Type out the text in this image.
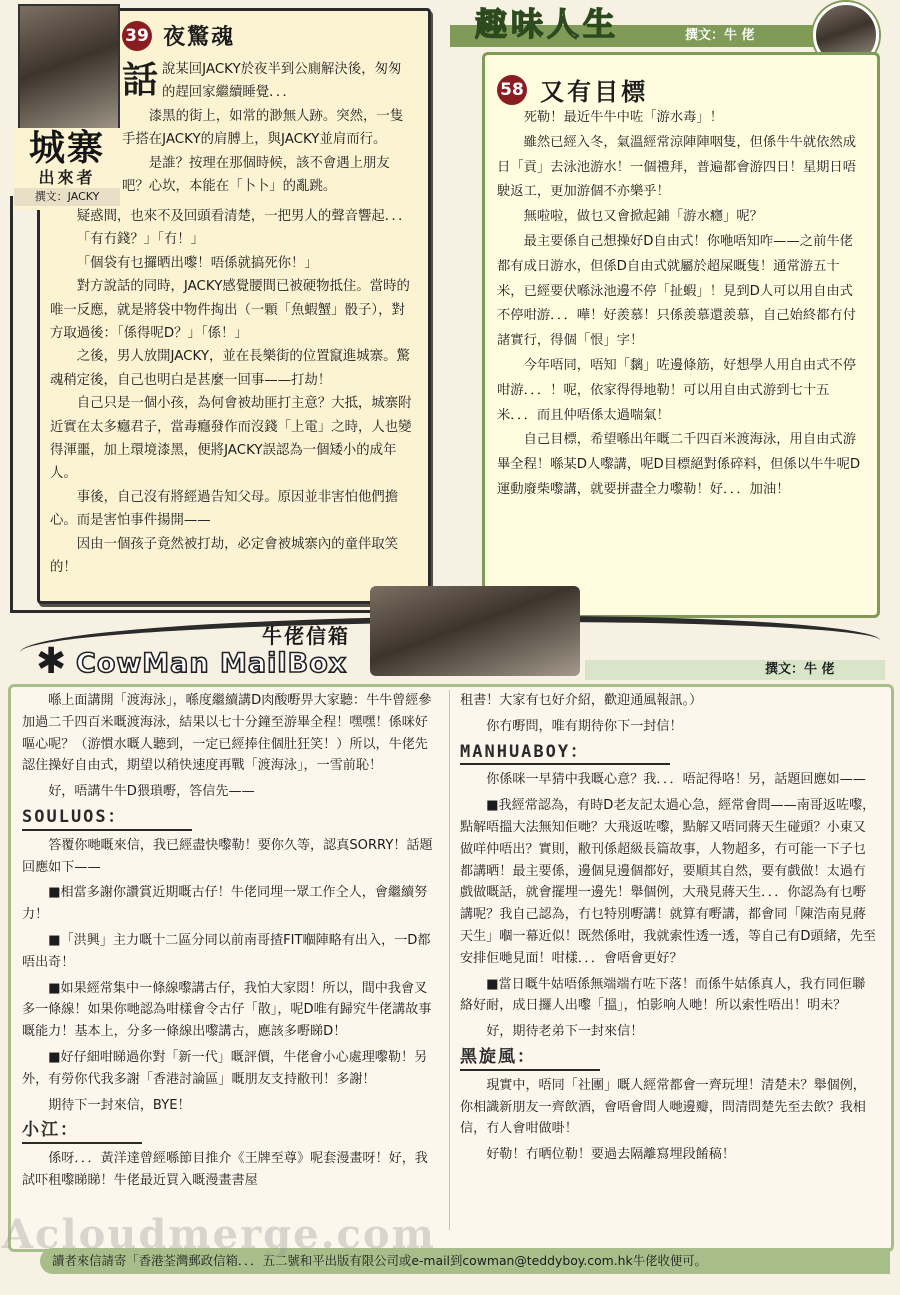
城寨
出來者
撰文：JACKY
39 夜驚魂

話 說某回JACKY於夜半到公廁解決後，匆匆的趕回家繼續睡覺．．．

漆黑的街上，如常的渺無人跡。突然，一隻手搭在JACKY的肩膊上，與JACKY並肩而行。

是誰？按理在那個時候，該不會遇上朋友吧？心坎，本能在「卜卜」的亂跳。

疑惑間，也來不及回頭看清楚，一把男人的聲音響起．．．

「有冇錢？」「冇！」

「個袋有乜攞晒出嚟！唔係就搞死你！」

對方說話的同時，JACKY感覺腰間已被硬物抵住。當時的唯一反應，就是將袋中物件掏出（一顆「魚蝦蟹」骰子），對方取過後：「係得呢D？」「係！」

之後，男人放開JACKY，並在長樂街的位置竄進城寨。驚魂稍定後，自己也明白是甚麼一回事——打劫！

自己只是一個小孩，為何會被劫匪打主意？大抵，城寨附近實在太多癮君子，當毒癮發作而沒錢「上電」之時，人也變得渾噩，加上環境漆黑，便將JACKY誤認為一個矮小的成年人。

事後，自己沒有將經過告知父母。原因並非害怕他們擔心。而是害怕事件揚開——

因由一個孩子竟然被打劫，必定會被城寨內的童伴取笑的！

趣味人生	撰文：牛 佬
58 又有目標

死勒！最近牛牛中咗「游水毒」！

雖然已經入冬，氣溫經常涼陣陣咽隻，但係牛牛就依然成日「貢」去泳池游水！一個禮拜，普遍都會游四日！星期日唔駛返工，更加游個不亦樂乎！

無啦啦，做乜又會掀起鋪「游水癮」呢？

最主要係自己想操好D自由式！你咃唔知咋——之前牛佬都有成日游水，但係D自由式就屬於超屎嘅隻！通常游五十米，已經要伏喺泳池邊不停「扯蝦」！見到D人可以用自由式不停咁游．．．嘩！好羨慕！只係羨慕還羨慕，自己始終都冇付諸實行，得個「恨」字！

今年唔同，唔知「黐」咗邊條筋，好想學人用自由式不停咁游．．．！呢，依家得得地勒！可以用自由式游到七十五米．．．而且仲唔係太過喘氣！

自己目標，希望喺出年嘅二千四百米渡海泳，用自由式游畢全程！喺某D人嚟講，呢D目標絕對係碎料，但係以牛牛呢D運動廢柴嚟講，就要拼盡全力嚟勒！好．．．加油！

牛佬信箱
✱ CowMan MailBox	撰文：牛 佬

喺上面講開「渡海泳」，喺度繼續講D肉酸嘢畀大家聽：牛牛曾經參加過二千四百米嘅渡海泳，結果以七十分鐘至游畢全程！嘿嘿！係咪好嘔心呢？（游慣水嘅人聽到，一定已經捧住個肚狂笑！）所以，牛佬先認住操好自由式，期望以稍快速度再戰「渡海泳」，一雪前恥！

好，唔講牛牛D猥瑣嘢，答信先——

SOULUOS：

答覆你哋嘅來信，我已經盡快嚟勒！要你久等，認真SORRY！話題回應如下——

■相當多謝你讚賞近期嘅古仔！牛佬同埋一眾工作仝人，會繼續努力！

■「洪興」主力嘅十二區分同以前南哥揸FIT嗰陣略有出入，一D都唔出奇！

■如果經常集中一條線嚟講古仔，我怕大家悶！所以，間中我會叉多一條線！如果你哋認為咁樣會令古仔「散」，呢D唯有歸究牛佬講故事嘅能力！基本上，分多一條線出嚟講古，應該多嘢睇D！

■好仔細咁睇過你對「新一代」嘅評價，牛佬會小心處理嚟勒！另外，有勞你代我多謝「香港討論區」嘅朋友支持敝刊！多謝！

期待下一封來信，BYE！

小江：

係呀．．．黃洋達曾經喺節目推介《王牌至尊》呢套漫畫呀！好，我試吓租嚟睇睇！牛佬最近買入嘅漫畫書屋

租書！大家有乜好介紹，歡迎通風報訊。）

你冇嘢問，唯有期待你下一封信！

MANHUABOY：

你係咪一早猜中我嘅心意？我．．．唔記得咯！另，話題回應如——

■我經常認為，有時D老友記太過心急，經常會問——南哥返咗嚟，點解唔搵大法無知佢哋？大飛返咗嚟，點解又唔同蔣天生碰頭？小東又做咩仲唔出？實則，敝刊係超級長篇故事，人物超多，冇可能一下子乜都講晒！最主要係，邊個見邊個都好，要順其自然，要有戲做！太過冇戲做嘅話，就會擺埋一邊先！舉個例，大飛見蔣天生．．．你認為有乜嘢講呢？我自己認為，冇乜特別嘢講！就算有嘢講，都會同「陳浩南見蔣天生」嗰一幕近似！既然係咁，我就索性透一透，等自己有D頭緒，先至安排佢哋見面！咁樣．．．會唔會更好？

■當日嘅牛姑唔係無端端冇咗下落！而係牛姑係真人，我冇同佢聯絡好耐，成日攞人出嚟「搵」，怕影响人哋！所以索性唔出！明未？

好，期待老弟下一封來信！

黑旋風：

現實中，唔同「社團」嘅人經常都會一齊玩埋！清楚未？舉個例，你相識新朋友一齊飲酒，會唔會問人哋邊瓣，問清問楚先至去飲？我相信，冇人會咁做啩！

好勒！冇晒位勒！要過去隔離寫埋段餚稿！

讀者來信請寄「香港荃灣郵政信箱．．．五二號和平出版有限公司或e-mail到cowman@teddyboy.com.hk牛佬收便可。
Acloudmerge.com
